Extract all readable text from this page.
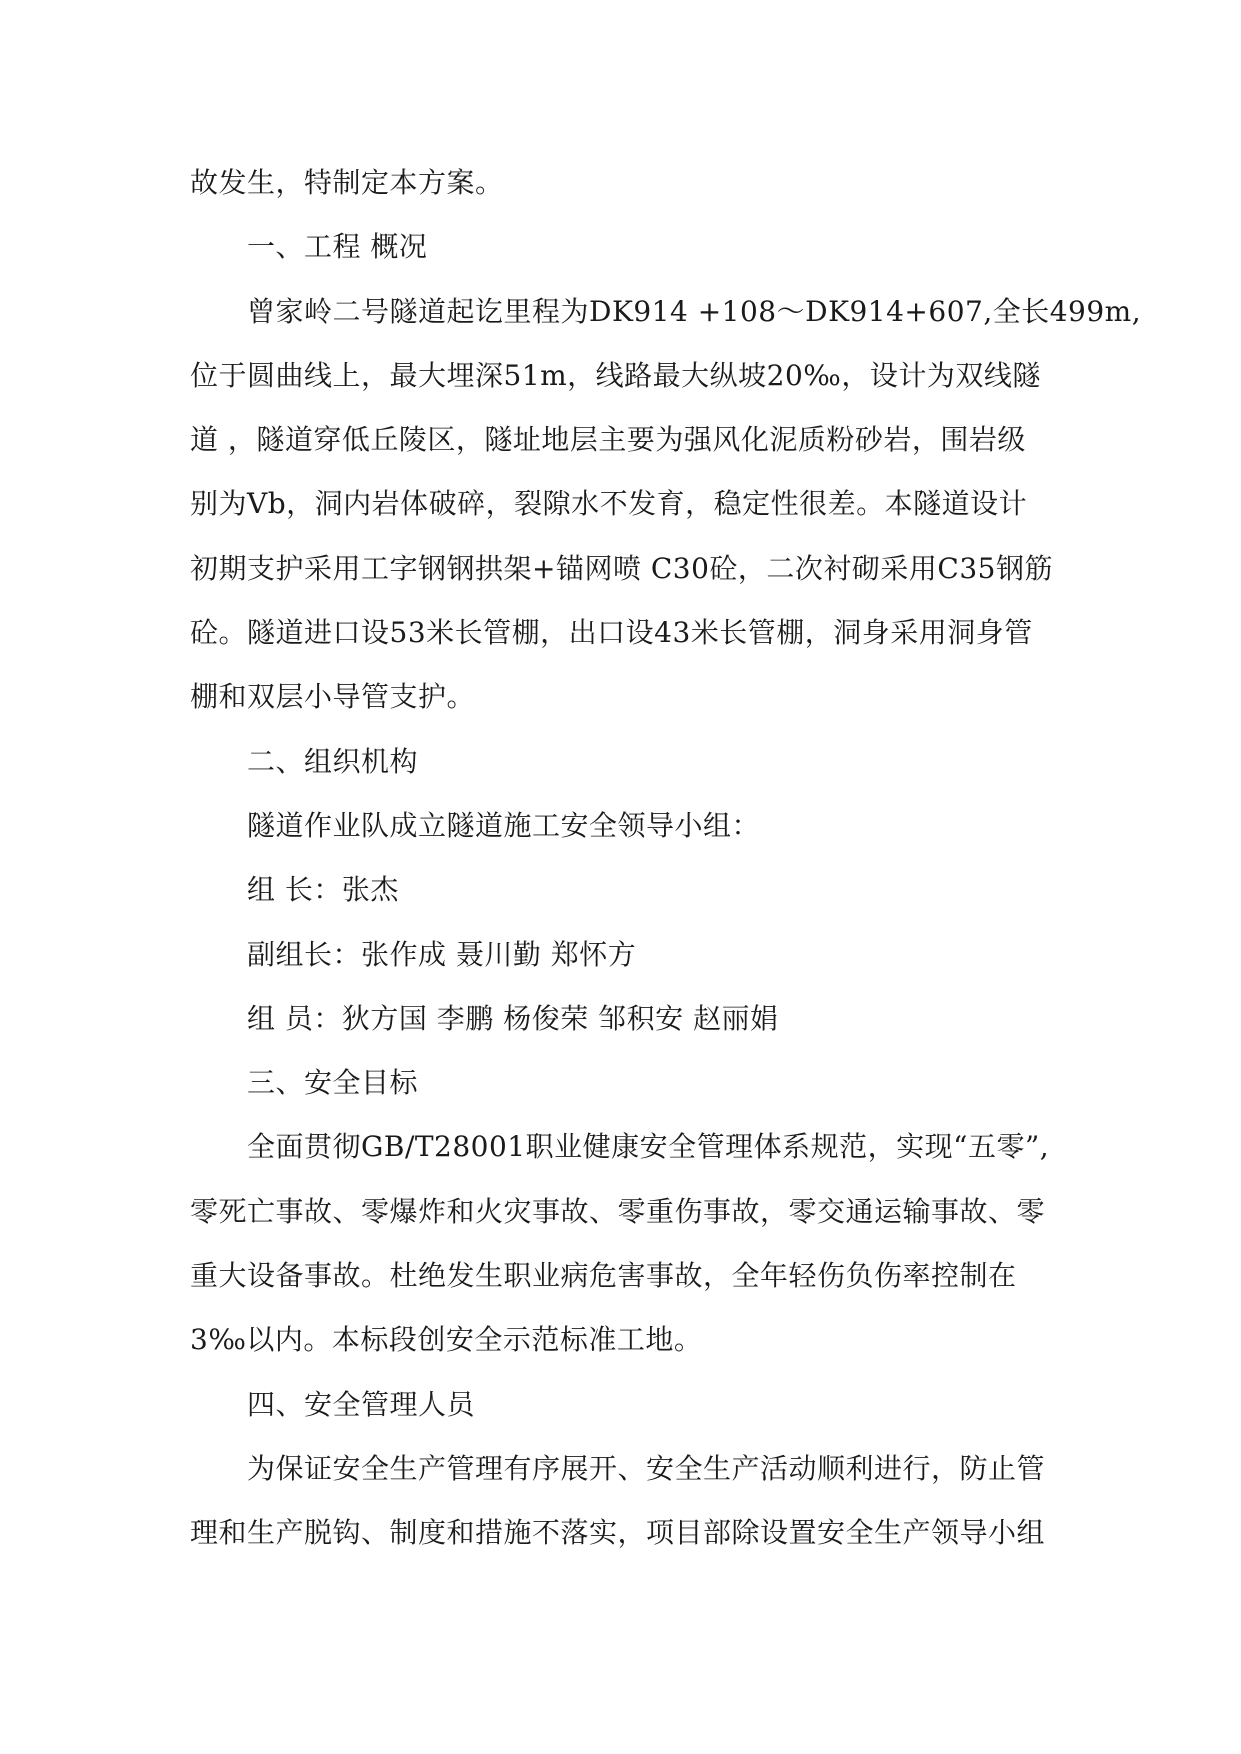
故发生，特制定本方案。
一、工程 概况
曾家岭二号隧道起讫里程为DK914 +108～DK914+607,全长499m,
位于圆曲线上，最大埋深51m，线路最大纵坡20‰，设计为双线隧
道 ，隧道穿低丘陵区，隧址地层主要为强风化泥质粉砂岩，围岩级
别为Ⅴb，洞内岩体破碎，裂隙水不发育，稳定性很差。本隧道设计
初期支护采用工字钢钢拱架+锚网喷 C30砼，二次衬砌采用C35钢筋
砼。隧道进口设53米长管棚，出口设43米长管棚，洞身采用洞身管
棚和双层小导管支护。
二、组织机构
隧道作业队成立隧道施工安全领导小组：
组 长：张杰
副组长：张作成 聂川勤 郑怀方
组 员：狄方国 李鹏 杨俊荣 邹积安 赵丽娟
三、安全目标
全面贯彻GB/T28001职业健康安全管理体系规范，实现“五零”,
零死亡事故、零爆炸和火灾事故、零重伤事故，零交通运输事故、零
重大设备事故。杜绝发生职业病危害事故，全年轻伤负伤率控制在
3‰以内。本标段创安全示范标准工地。
四、安全管理人员
为保证安全生产管理有序展开、安全生产活动顺利进行，防止管
理和生产脱钩、制度和措施不落实，项目部除设置安全生产领导小组
